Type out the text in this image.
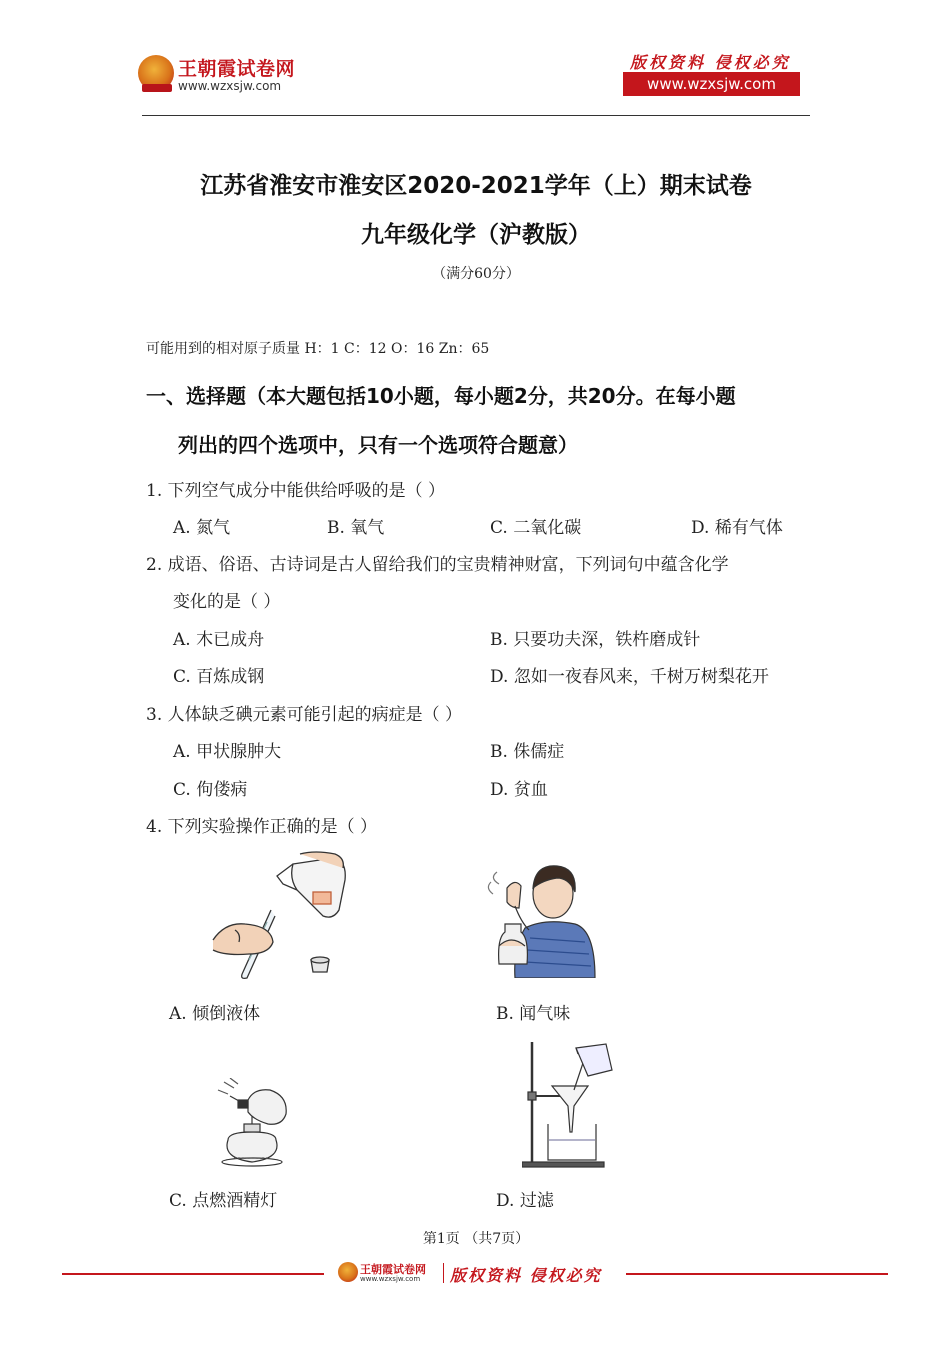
王朝霞试卷网
www.wzxsjw.com
版权资料 侵权必究
www.wzxsjw.com
江苏省淮安市淮安区2020-2021学年（上）期末试卷
九年级化学（沪教版）
（满分60分）
可能用到的相对原子质量 H：1 C：12 O：16 Zn：65
一、选择题（本大题包括10小题，每小题2分，共20分。在每小题
列出的四个选项中，只有一个选项符合题意）
1. 下列空气成分中能供给呼吸的是（ ）
A. 氮气	B. 氧气	C. 二氧化碳	D. 稀有气体
2. 成语、俗语、古诗词是古人留给我们的宝贵精神财富，下列词句中蕴含化学
变化的是（ ）
A. 木已成舟	B. 只要功夫深，铁杵磨成针
C. 百炼成钢	D. 忽如一夜春风来，千树万树梨花开
3. 人体缺乏碘元素可能引起的病症是（ ）
A. 甲状腺肿大	B. 侏儒症
C. 佝偻病	D. 贫血
4. 下列实验操作正确的是（ ）
A. 倾倒液体	B. 闻气味
C. 点燃酒精灯	D. 过滤
第1页 （共7页）
王朝霞试卷网
www.wzxsjw.com 版权资料 侵权必究
